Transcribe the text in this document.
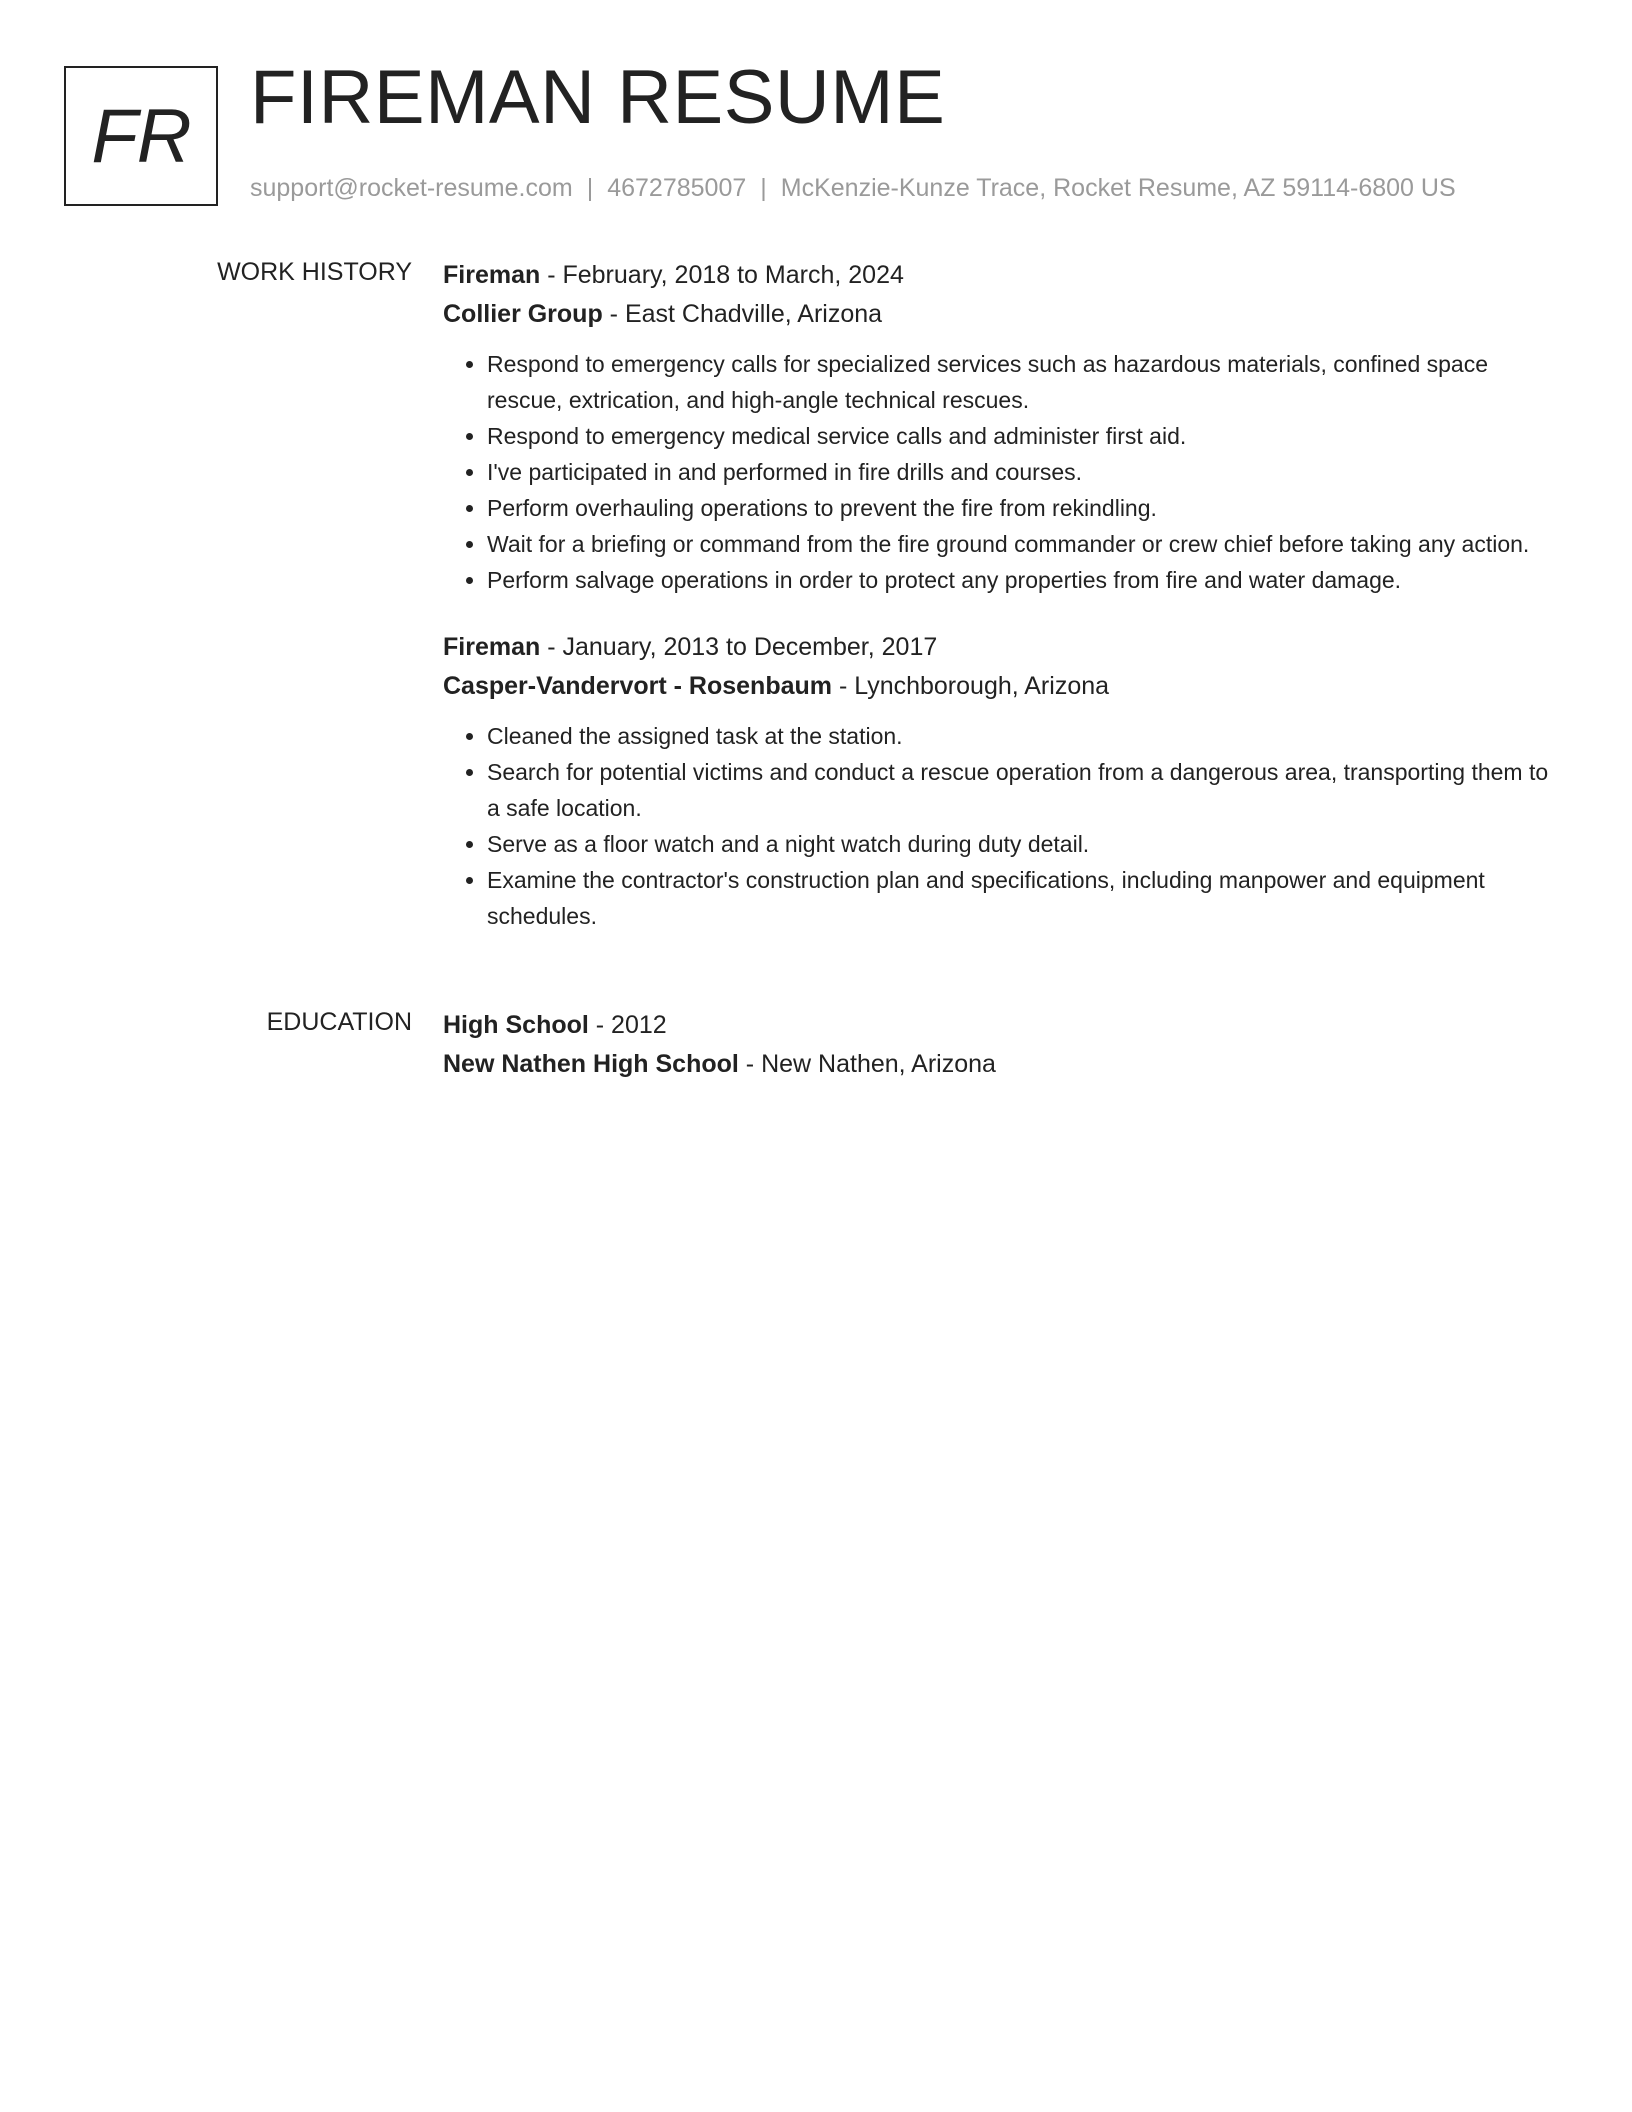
FR FIREMAN RESUME
support@rocket-resume.com | 4672785007 | McKenzie-Kunze Trace, Rocket Resume, AZ 59114-6800 US
WORK HISTORY Fireman - February, 2018 to March, 2024
Collier Group - East Chadville, Arizona
• Respond to emergency calls for specialized services such as hazardous materials, confined space rescue, extrication, and high-angle technical rescues.
• Respond to emergency medical service calls and administer first aid.
• I've participated in and performed in fire drills and courses.
• Perform overhauling operations to prevent the fire from rekindling.
• Wait for a briefing or command from the fire ground commander or crew chief before taking any action.
• Perform salvage operations in order to protect any properties from fire and water damage.
Fireman - January, 2013 to December, 2017
Casper-Vandervort - Rosenbaum - Lynchborough, Arizona
• Cleaned the assigned task at the station.
• Search for potential victims and conduct a rescue operation from a dangerous area, transporting them to a safe location.
• Serve as a floor watch and a night watch during duty detail.
• Examine the contractor's construction plan and specifications, including manpower and equipment schedules.
EDUCATION High School - 2012
New Nathen High School - New Nathen, Arizona
